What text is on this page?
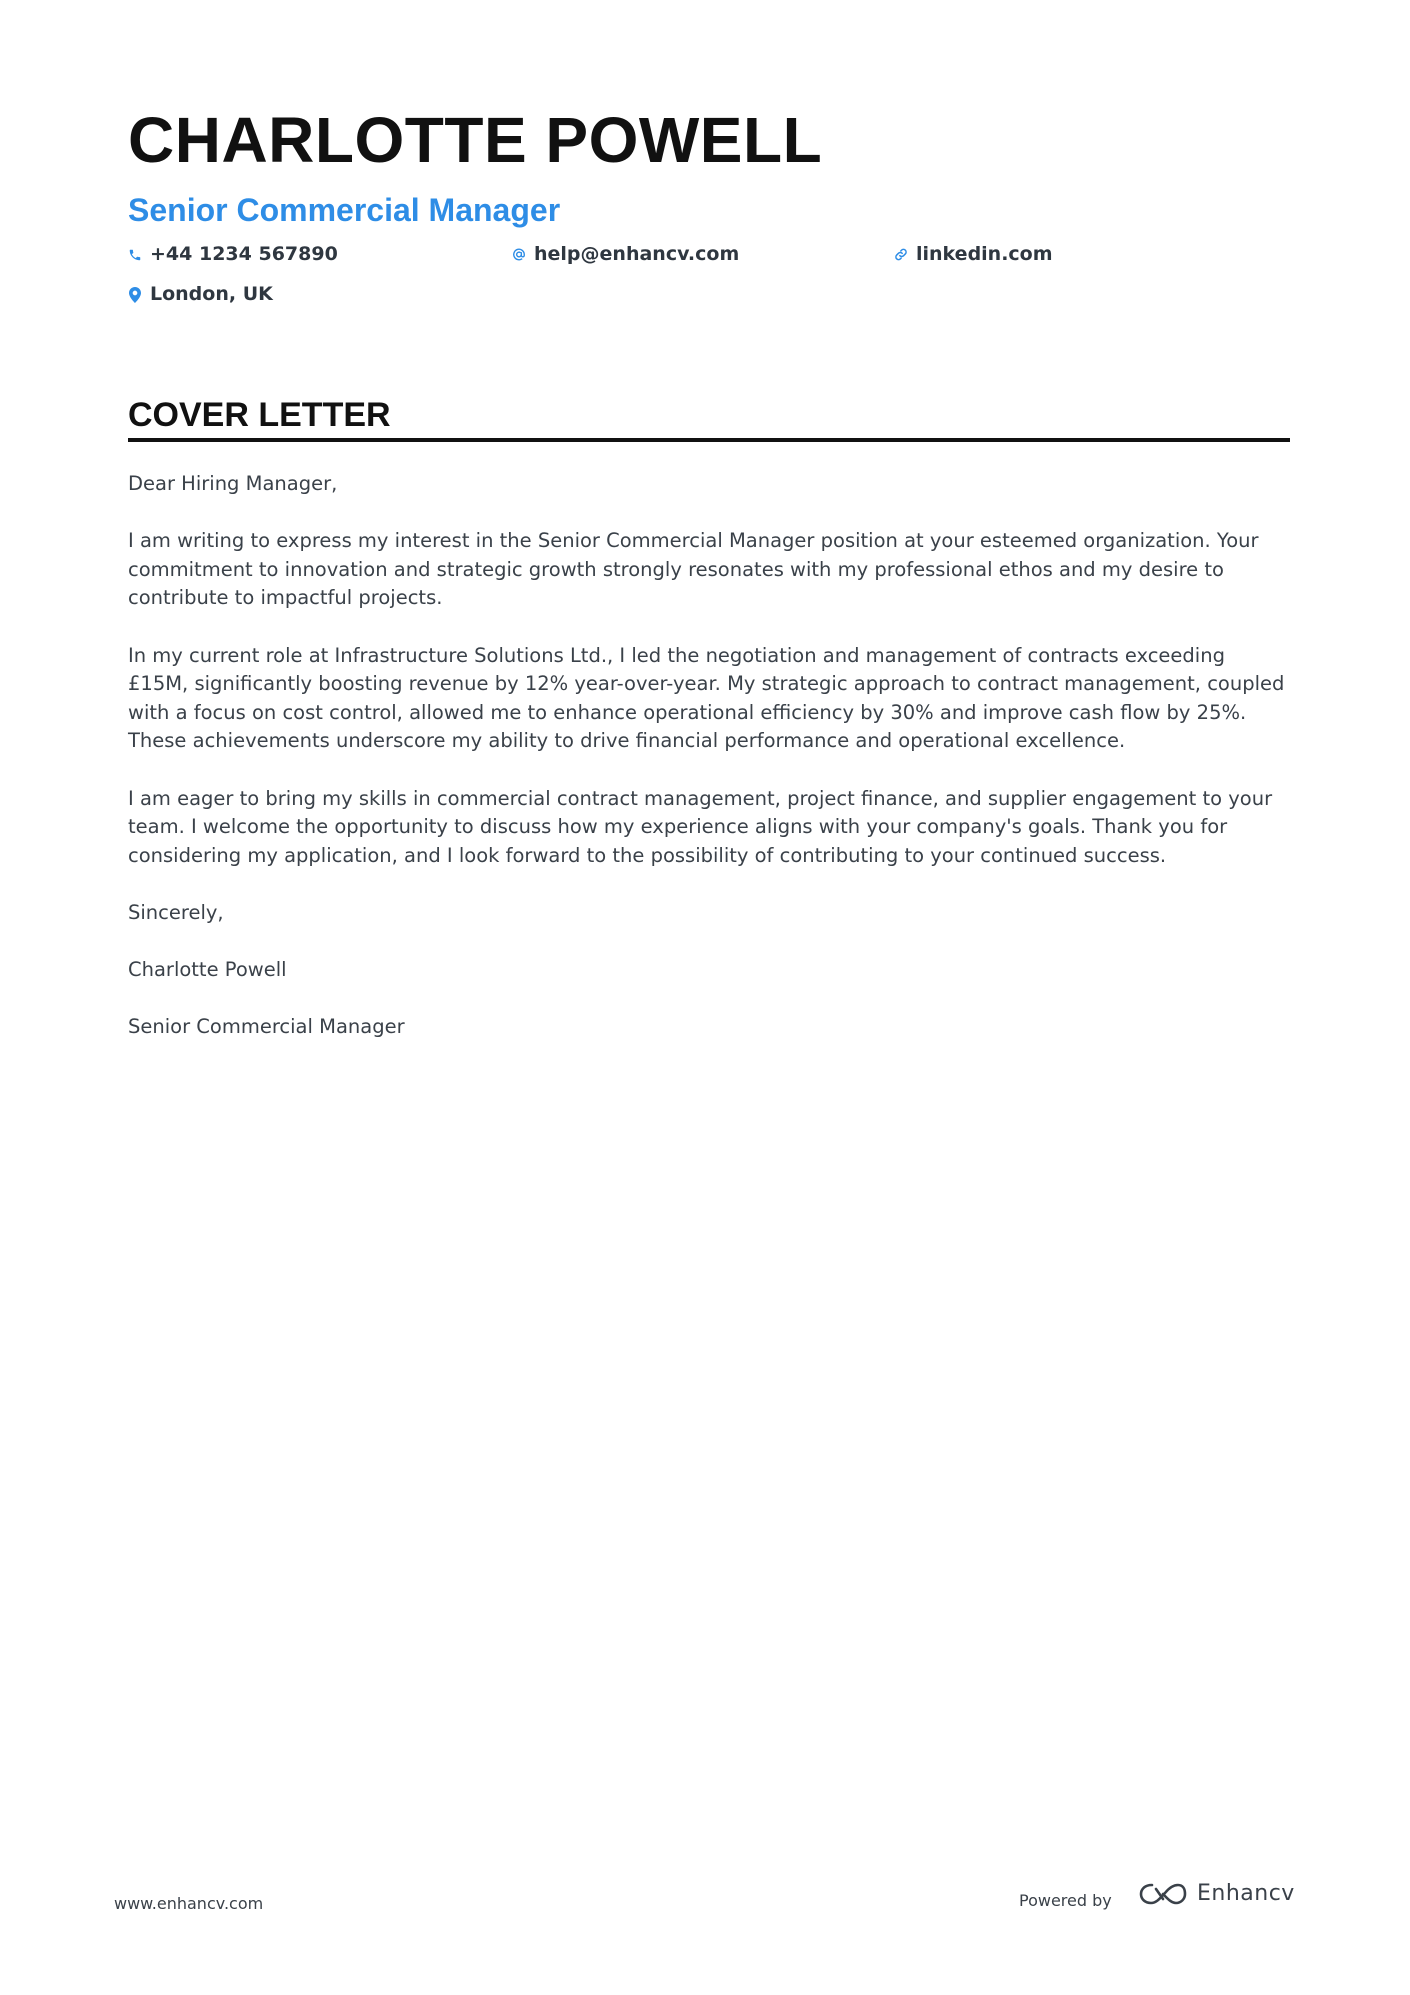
CHARLOTTE POWELL
Senior Commercial Manager
+44 1234 567890	help@enhancv.com	linkedin.com
London, UK
COVER LETTER

Dear Hiring Manager,

I am writing to express my interest in the Senior Commercial Manager position at your esteemed organization. Your commitment to innovation and strategic growth strongly resonates with my professional ethos and my desire to contribute to impactful projects.

In my current role at Infrastructure Solutions Ltd., I led the negotiation and management of contracts exceeding £15M, significantly boosting revenue by 12% year-over-year. My strategic approach to contract management, coupled with a focus on cost control, allowed me to enhance operational efficiency by 30% and improve cash flow by 25%. These achievements underscore my ability to drive financial performance and operational excellence.

I am eager to bring my skills in commercial contract management, project finance, and supplier engagement to your team. I welcome the opportunity to discuss how my experience aligns with your company's goals. Thank you for considering my application, and I look forward to the possibility of contributing to your continued success.

Sincerely,

Charlotte Powell

Senior Commercial Manager

www.enhancv.com	Powered by	Enhancv
